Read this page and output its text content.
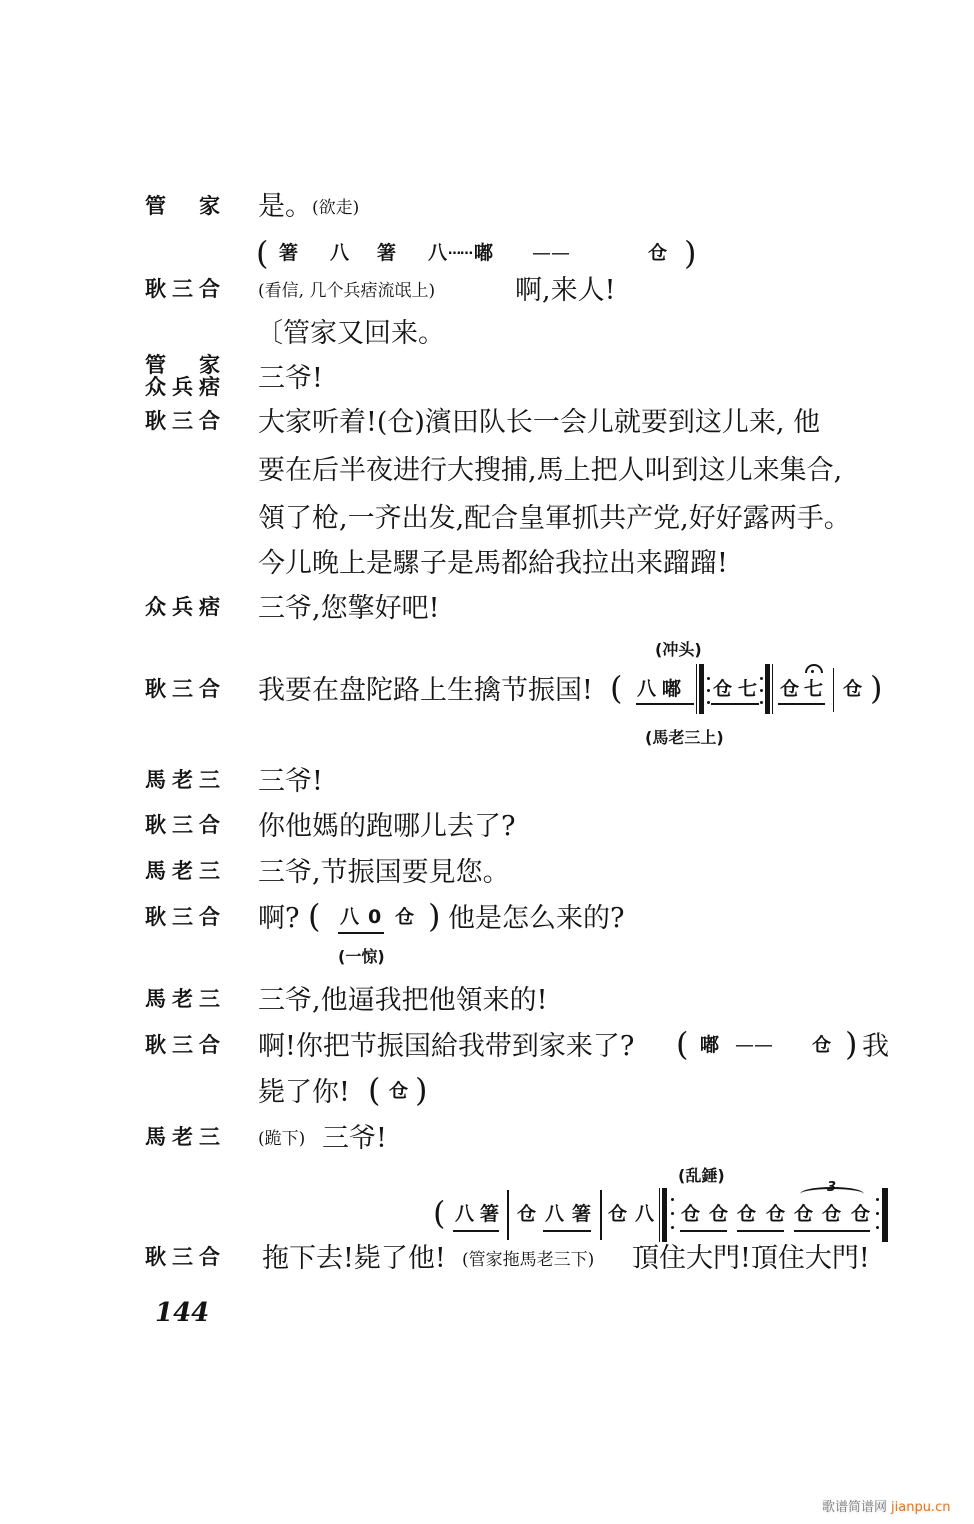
管　家 是。 (欲走)
( 箸 八 箸 八 …… 嘟 ——	仓 )
耿三合 (看信, 几个兵痞流氓上)	啊,来人!
〔管家又回来。
管　家
众兵痞 三爷!
耿三合 大家听着!(仓)濱田队长一会儿就要到这儿来, 他
要在后半夜进行大搜捕,馬上把人叫到这儿来集合,
領了枪,一齐出发,配合皇軍抓共产党,好好露两手。
今儿晚上是騾子是馬都給我拉出来蹓蹓!
众兵痞 三爷,您擎好吧!
(冲头)
耿三合 我要在盘陀路上生擒节振国! ( 八 嘟 仓 七 仓 七 仓 )
(馬老三上)
馬老三 三爷!
耿三合 你他媽的跑哪儿去了?
馬老三 三爷,节振国要見您。
耿三合 啊? ( 八 0 仓 ) 他是怎么来的?
(一惊)
馬老三 三爷,他逼我把他領来的!
耿三合 啊!你把节振国給我带到家来了? ( 嘟 —— 仓 ) 我
毙了你! ( 仓 )
馬老三 (跪下) 三爷!
(乱錘)
( 八 箸 仓 八 箸 仓 八 仓 仓 仓 仓 仓 仓 仓
3
耿三合 拖下去!毙了他! (管家拖馬老三下) 頂住大門!頂住大門!
144
歌谱简谱网 jianpu.cn
